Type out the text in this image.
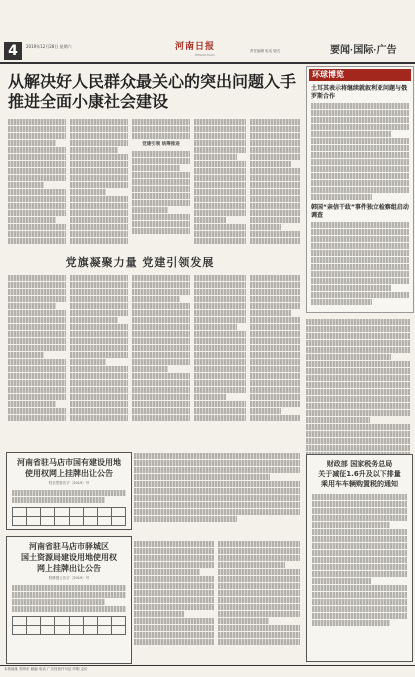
4	2019年12月28日 星期六	河南日报
HENAN DAILY
责任编辑 电话 版式	要闻·国际·广告
从解决好人民群众最关心的突出问题入手
推进全面小康社会建设
党建引领 统筹推进
党旗凝聚力量 党建引领发展
环球博览
土耳其表示将继续就叙利亚问题与俄罗斯合作
韩国“亲信干政”事件独立检察组启动调查
河南省驻马店市国有建设用地
使用权网上挂牌出让公告
驻自然资告字〔2019〕号
河南省驻马店市驿城区
国土资源局建设用地使用权
网上挂牌出让公告
驻驿国土告字〔2019〕号
财政部 国家税务总局
关于减征1.6升及以下排量
乘用车车辆购置税的通知
本报地址 郑州市 邮编 电话 广告经营许可证 印刷 定价
